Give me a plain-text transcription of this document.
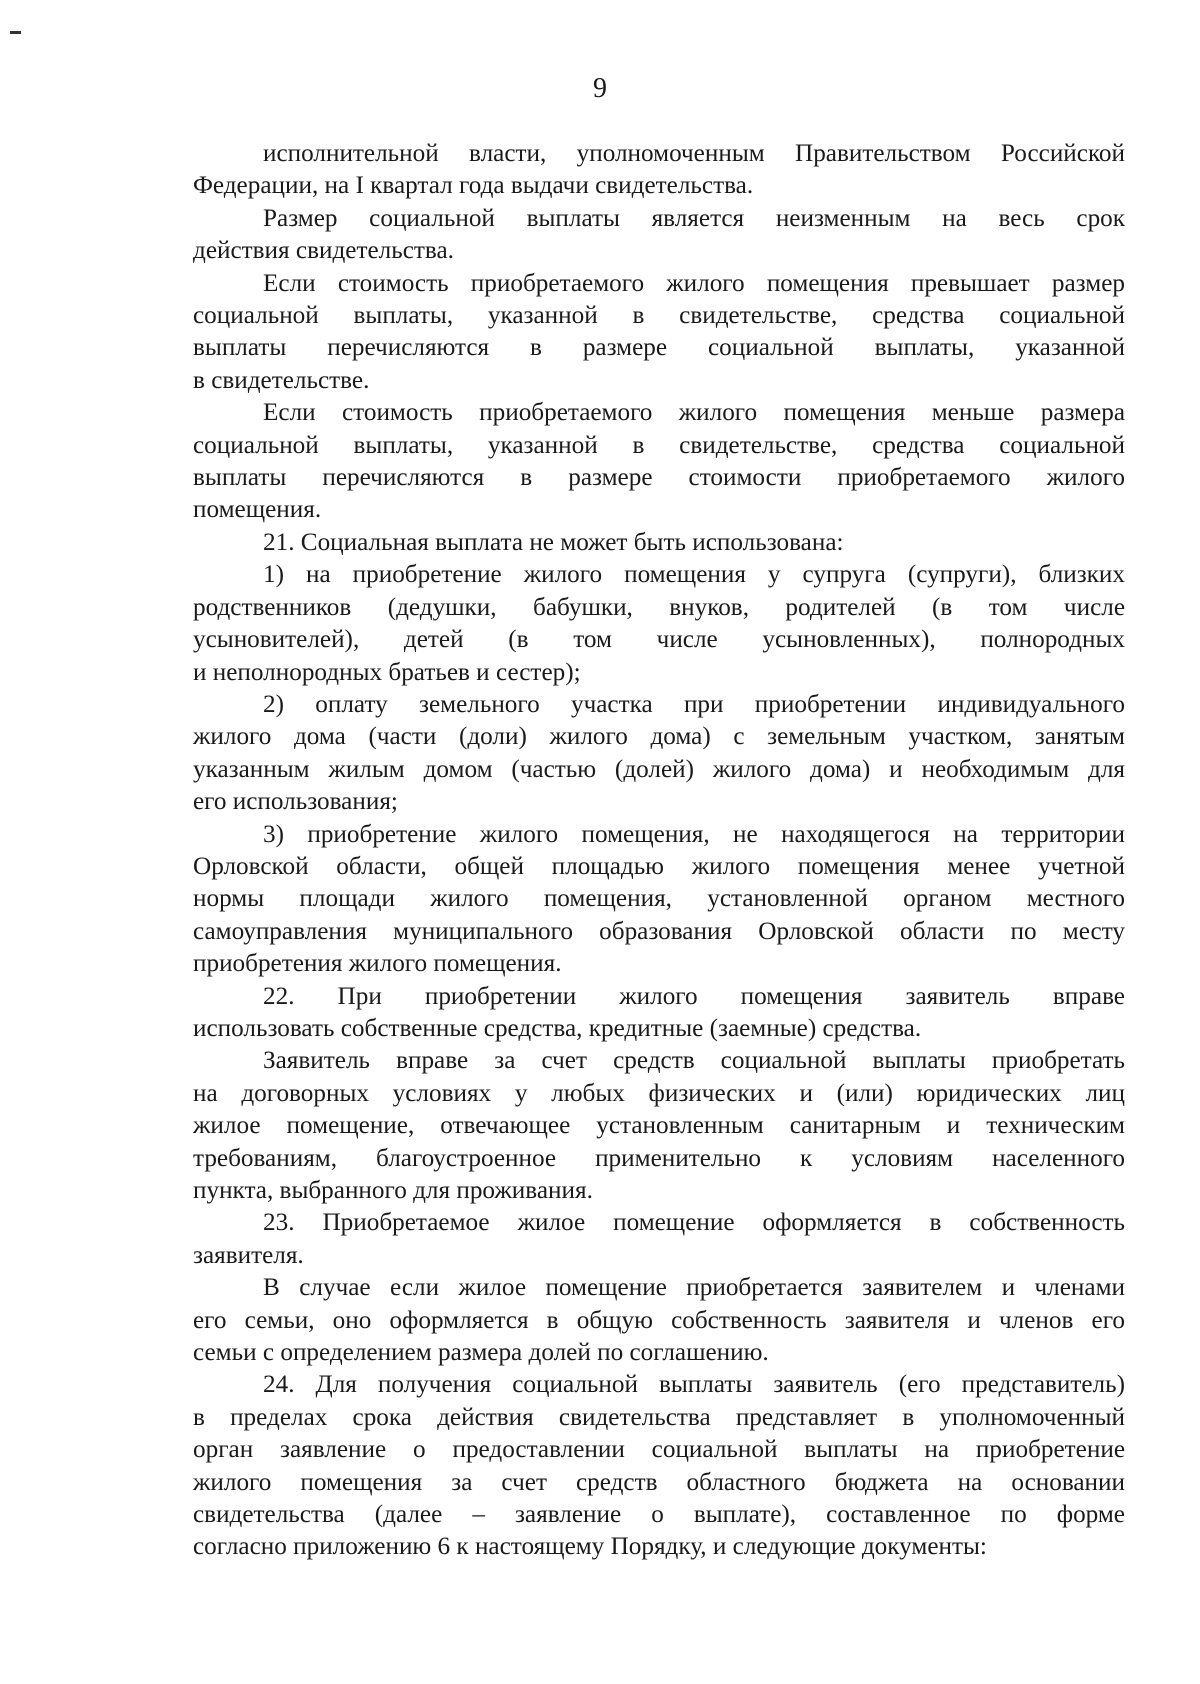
9
исполнительной власти, уполномоченным Правительством Российской
Федерации, на I квартал года выдачи свидетельства.
Размер социальной выплаты является неизменным на весь срок
действия свидетельства.
Если стоимость приобретаемого жилого помещения превышает размер
социальной выплаты, указанной в свидетельстве, средства социальной
выплаты перечисляются в размере социальной выплаты, указанной
в свидетельстве.
Если стоимость приобретаемого жилого помещения меньше размера
социальной выплаты, указанной в свидетельстве, средства социальной
выплаты перечисляются в размере стоимости приобретаемого жилого
помещения.
21. Социальная выплата не может быть использована:
1) на приобретение жилого помещения у супруга (супруги), близких
родственников (дедушки, бабушки, внуков, родителей (в том числе
усыновителей), детей (в том числе усыновленных), полнородных
и неполнородных братьев и сестер);
2) оплату земельного участка при приобретении индивидуального
жилого дома (части (доли) жилого дома) с земельным участком, занятым
указанным жилым домом (частью (долей) жилого дома) и необходимым для
его использования;
3) приобретение жилого помещения, не находящегося на территории
Орловской области, общей площадью жилого помещения менее учетной
нормы площади жилого помещения, установленной органом местного
самоуправления муниципального образования Орловской области по месту
приобретения жилого помещения.
22. При приобретении жилого помещения заявитель вправе
использовать собственные средства, кредитные (заемные) средства.
Заявитель вправе за счет средств социальной выплаты приобретать
на договорных условиях у любых физических и (или) юридических лиц
жилое помещение, отвечающее установленным санитарным и техническим
требованиям, благоустроенное применительно к условиям населенного
пункта, выбранного для проживания.
23. Приобретаемое жилое помещение оформляется в собственность
заявителя.
В случае если жилое помещение приобретается заявителем и членами
его семьи, оно оформляется в общую собственность заявителя и членов его
семьи с определением размера долей по соглашению.
24. Для получения социальной выплаты заявитель (его представитель)
в пределах срока действия свидетельства представляет в уполномоченный
орган заявление о предоставлении социальной выплаты на приобретение
жилого помещения за счет средств областного бюджета на основании
свидетельства (далее – заявление о выплате), составленное по форме
согласно приложению 6 к настоящему Порядку, и следующие документы:
